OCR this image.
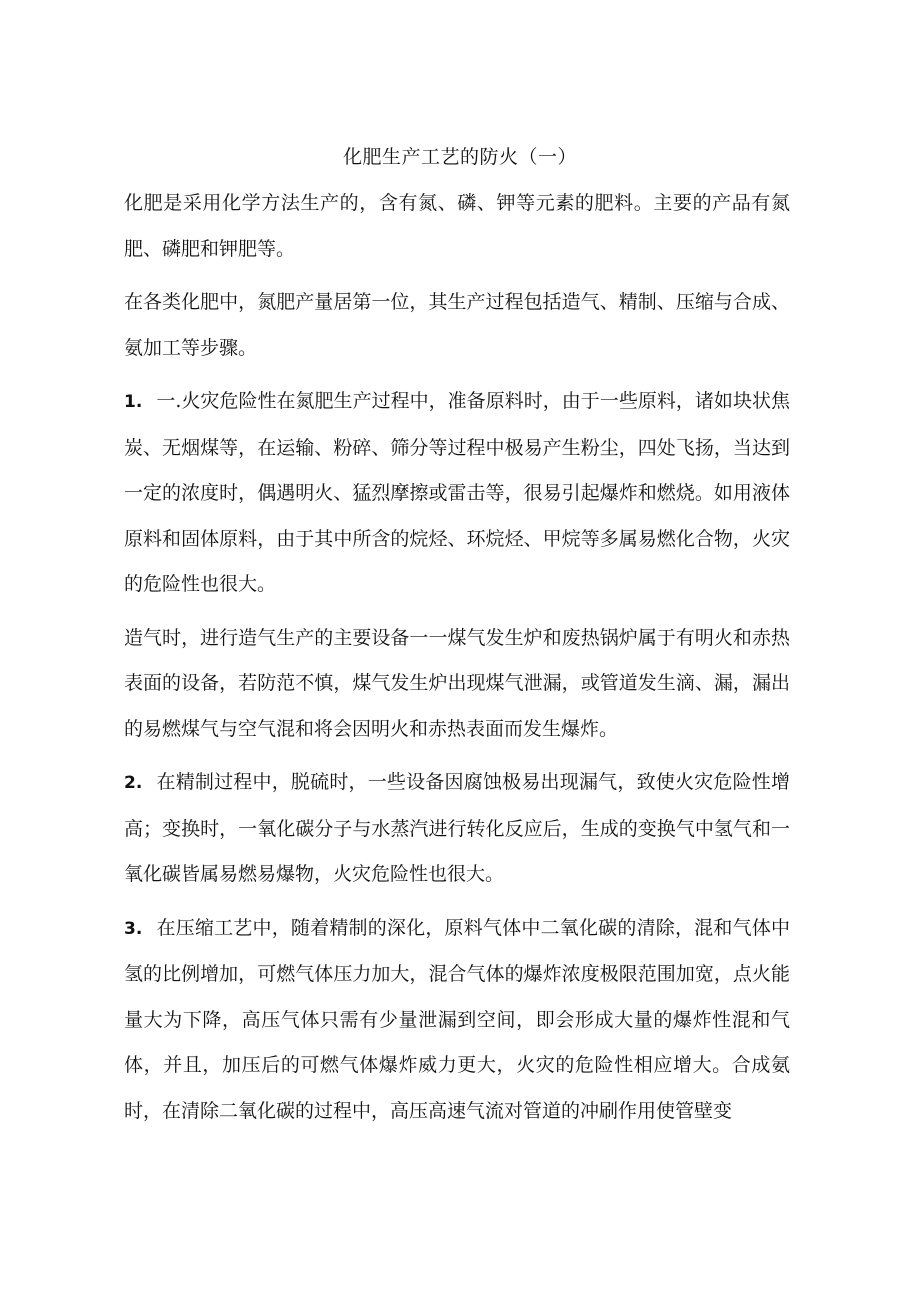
化肥生产工艺的防火（一）

化肥是采用化学方法生产的，含有氮、磷、钾等元素的肥料。主要的产品有氮肥、磷肥和钾肥等。

在各类化肥中，氮肥产量居第一位，其生产过程包括造气、精制、压缩与合成、氨加工等步骤。

1. 一.火灾危险性在氮肥生产过程中，准备原料时，由于一些原料，诸如块状焦炭、无烟煤等，在运输、粉碎、筛分等过程中极易产生粉尘，四处飞扬，当达到一定的浓度时，偶遇明火、猛烈摩擦或雷击等，很易引起爆炸和燃烧。如用液体原料和固体原料，由于其中所含的烷烃、环烷烃、甲烷等多属易燃化合物，火灾的危险性也很大。

造气时，进行造气生产的主要设备一一煤气发生炉和废热锅炉属于有明火和赤热表面的设备，若防范不慎，煤气发生炉出现煤气泄漏，或管道发生滴、漏，漏出的易燃煤气与空气混和将会因明火和赤热表面而发生爆炸。

2. 在精制过程中，脱硫时，一些设备因腐蚀极易出现漏气，致使火灾危险性增高；变换时，一氧化碳分子与水蒸汽进行转化反应后，生成的变换气中氢气和一氧化碳皆属易燃易爆物，火灾危险性也很大。

3. 在压缩工艺中，随着精制的深化，原料气体中二氧化碳的清除，混和气体中氢的比例增加，可燃气体压力加大，混合气体的爆炸浓度极限范围加宽，点火能量大为下降，高压气体只需有少量泄漏到空间，即会形成大量的爆炸性混和气体，并且，加压后的可燃气体爆炸威力更大，火灾的危险性相应增大。合成氨时，在清除二氧化碳的过程中，高压高速气流对管道的冲刷作用使管壁变
